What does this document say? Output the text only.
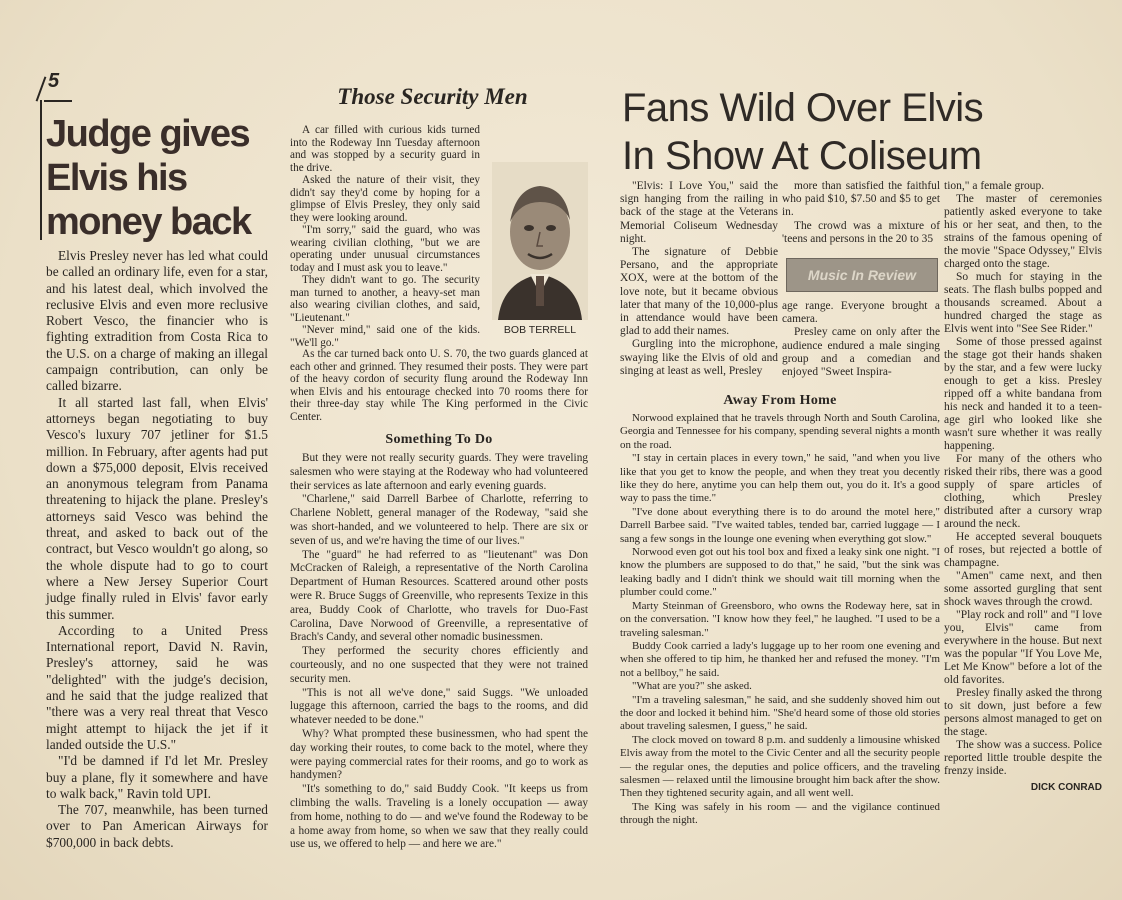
5
Judge gives
Elvis his
money back

Elvis Presley never has led what could be called an ordinary life, even for a star, and his latest deal, which involved the reclusive Elvis and even more reclusive Robert Vesco, the financier who is fighting extradition from Costa Rica to the U.S. on a charge of making an illegal campaign contribution, can only be called bizarre.

It all started last fall, when Elvis' attorneys began negotiating to buy Vesco's luxury 707 jetliner for $1.5 million. In February, after agents had put down a $75,000 deposit, Elvis received an anonymous telegram from Panama threatening to hijack the plane. Presley's attorneys said Vesco was behind the threat, and asked to back out of the contract, but Vesco wouldn't go along, so the whole dispute had to go to court where a New Jersey Superior Court judge finally ruled in Elvis' favor early this summer.

According to a United Press International report, David N. Ravin, Presley's attorney, said he was "delighted" with the judge's decision, and he said that the judge realized that "there was a very real threat that Vesco might attempt to hijack the jet if it landed outside the U.S."

"I'd be damned if I'd let Mr. Presley buy a plane, fly it somewhere and have to walk back," Ravin told UPI.

The 707, meanwhile, has been turned over to Pan American Airways for $700,000 in back debts.

Those Security Men

A car filled with curious kids turned into the Rodeway Inn Tuesday afternoon and was stopped by a security guard in the drive.

Asked the nature of their visit, they didn't say they'd come by hoping for a glimpse of Elvis Presley, they only said they were looking around.

"I'm sorry," said the guard, who was wearing civilian clothing, "but we are operating under unusual circumstances today and I must ask you to leave."

They didn't want to go. The security man turned to another, a heavy-set man also wearing civilian clothes, and said, "Lieutenant."

"Never mind," said one of the kids. "We'll go."

BOB TERRELL

As the car turned back onto U. S. 70, the two guards glanced at each other and grinned. They resumed their posts. They were part of the heavy cordon of security flung around the Rodeway Inn when Elvis and his entourage checked into 70 rooms there for their three-day stay while The King performed in the Civic Center.

Something To Do

But they were not really security guards. They were traveling salesmen who were staying at the Rodeway who had volunteered their services as late afternoon and early evening guards.

"Charlene," said Darrell Barbee of Charlotte, referring to Charlene Noblett, general manager of the Rodeway, "said she was short-handed, and we volunteered to help. There are six or seven of us, and we're having the time of our lives."

The "guard" he had referred to as "lieutenant" was Don McCracken of Raleigh, a representative of the North Carolina Department of Human Resources. Scattered around other posts were R. Bruce Suggs of Greenville, who represents Texize in this area, Buddy Cook of Charlotte, who travels for Duo-Fast Carolina, Dave Norwood of Greenville, a representative of Brach's Candy, and several other nomadic businessmen.

They performed the security chores efficiently and courteously, and no one suspected that they were not trained security men.

"This is not all we've done," said Suggs. "We unloaded luggage this afternoon, carried the bags to the rooms, and did whatever needed to be done."

Why? What prompted these businessmen, who had spent the day working their routes, to come back to the motel, where they were paying commercial rates for their rooms, and go to work as handymen?

"It's something to do," said Buddy Cook. "It keeps us from climbing the walls. Traveling is a lonely occupation — away from home, nothing to do — and we've found the Rodeway to be a home away from home, so when we saw that they really could use us, we offered to help — and here we are."

Fans Wild Over Elvis
In Show At Coliseum

"Elvis: I Love You," said the sign hanging from the railing in back of the stage at the Veterans Memorial Coliseum Wednesday night.

The signature of Debbie Persano, and the appropriate XOX, were at the bottom of the love note, but it became obvious later that many of the 10,000-plus in attendance would have been glad to add their names.

Gurgling into the microphone, swaying like the Elvis of old and singing at least as well, Presley

more than satisfied the faithful who paid $10, $7.50 and $5 to get in.

The crowd was a mixture of 'teens and persons in the 20 to 35

Music In Review

age range. Everyone brought a camera.

Presley came on only after the audience endured a male singing group and a comedian and enjoyed "Sweet Inspira-

tion," a female group.

The master of ceremonies patiently asked everyone to take his or her seat, and then, to the strains of the famous opening of the movie "Space Odyssey," Elvis charged onto the stage.

So much for staying in the seats. The flash bulbs popped and thousands screamed. About a hundred charged the stage as Elvis went into "See See Rider."

Some of those pressed against the stage got their hands shaken by the star, and a few were lucky enough to get a kiss. Presley ripped off a white bandana from his neck and handed it to a teen-age girl who looked like she wasn't sure whether it was really happening.

For many of the others who risked their ribs, there was a good supply of spare articles of clothing, which Presley distributed after a cursory wrap around the neck.

He accepted several bouquets of roses, but rejected a bottle of champagne.

"Amen" came next, and then some assorted gurgling that sent shock waves through the crowd.

"Play rock and roll" and "I love you, Elvis" came from everywhere in the house. But next was the popular "If You Love Me, Let Me Know" before a lot of the old favorites.

Presley finally asked the throng to sit down, just before a few persons almost managed to get on the stage.

The show was a success. Police reported little trouble despite the frenzy inside.

DICK CONRAD
Away From Home

Norwood explained that he travels through North and South Carolina, Georgia and Tennessee for his company, spending several nights a month on the road.

"I stay in certain places in every town," he said, "and when you live like that you get to know the people, and when they treat you decently like they do here, anytime you can help them out, you do it. It's a good way to pass the time."

"I've done about everything there is to do around the motel here," Darrell Barbee said. "I've waited tables, tended bar, carried luggage — I sang a few songs in the lounge one evening when everything got slow."

Norwood even got out his tool box and fixed a leaky sink one night. "I know the plumbers are supposed to do that," he said, "but the sink was leaking badly and I didn't think we should wait till morning when the plumber could come."

Marty Steinman of Greensboro, who owns the Rodeway here, sat in on the conversation. "I know how they feel," he laughed. "I used to be a traveling salesman."

Buddy Cook carried a lady's luggage up to her room one evening and when she offered to tip him, he thanked her and refused the money. "I'm not a bellboy," he said.

"What are you?" she asked.

"I'm a traveling salesman," he said, and she suddenly shoved him out the door and locked it behind him. "She'd heard some of those old stories about traveling salesmen, I guess," he said.

The clock moved on toward 8 p.m. and suddenly a limousine whisked Elvis away from the motel to the Civic Center and all the security people — the regular ones, the deputies and police officers, and the traveling salesmen — relaxed until the limousine brought him back after the show. Then they tightened security again, and all went well.

The King was safely in his room — and the vigilance continued through the night.
